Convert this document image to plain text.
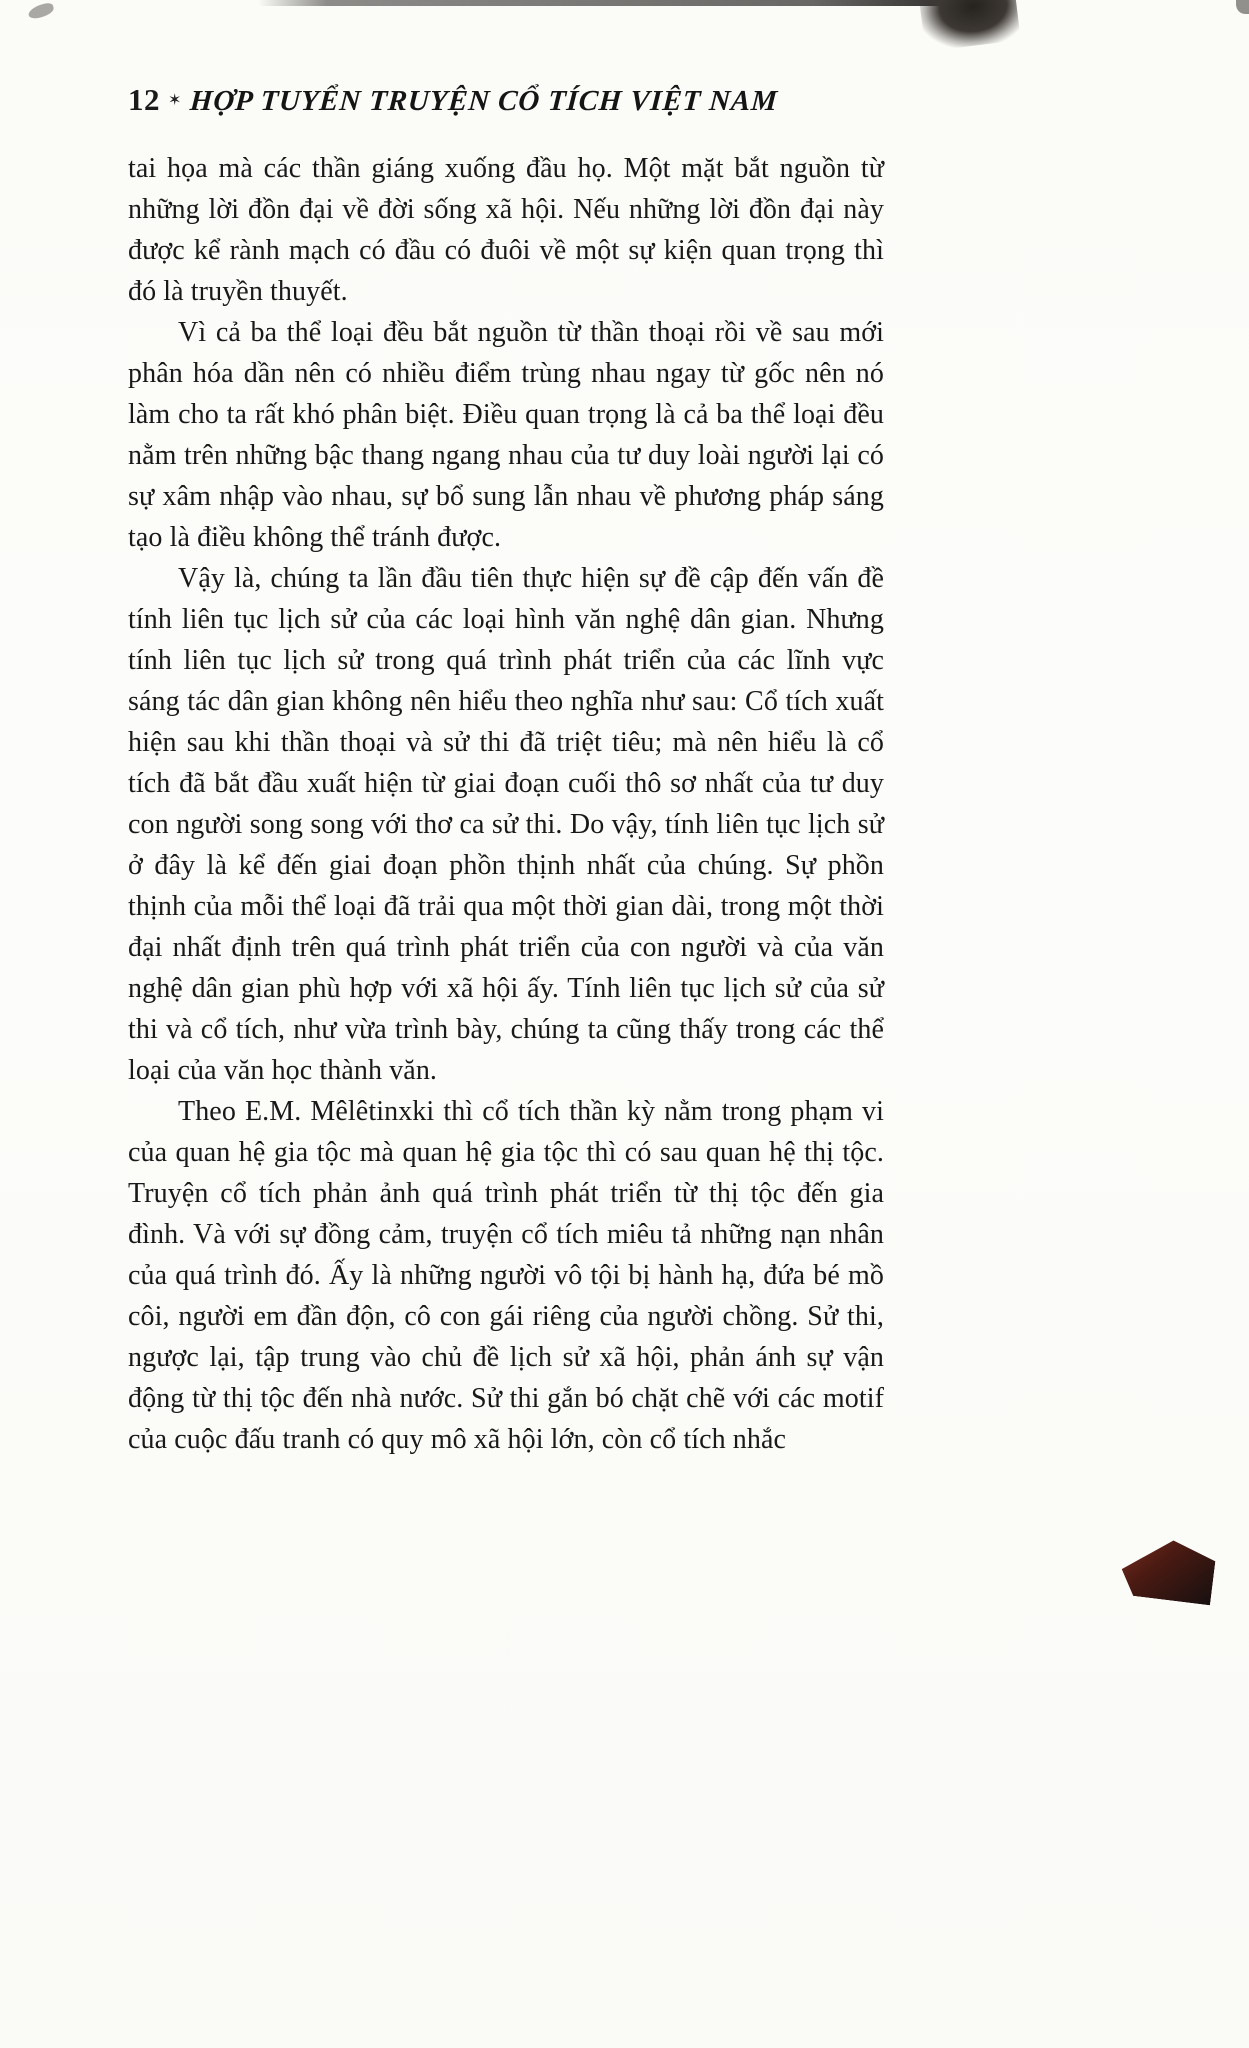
12 ✶ HỢP TUYỂN TRUYỆN CỔ TÍCH VIỆT NAM

tai họa mà các thần giáng xuống đầu họ. Một mặt bắt nguồn từ những lời đồn đại về đời sống xã hội. Nếu những lời đồn đại này được kể rành mạch có đầu có đuôi về một sự kiện quan trọng thì đó là truyền thuyết.

Vì cả ba thể loại đều bắt nguồn từ thần thoại rồi về sau mới phân hóa dần nên có nhiều điểm trùng nhau ngay từ gốc nên nó làm cho ta rất khó phân biệt. Điều quan trọng là cả ba thể loại đều nằm trên những bậc thang ngang nhau của tư duy loài người lại có sự xâm nhập vào nhau, sự bổ sung lẫn nhau về phương pháp sáng tạo là điều không thể tránh được.

Vậy là, chúng ta lần đầu tiên thực hiện sự đề cập đến vấn đề tính liên tục lịch sử của các loại hình văn nghệ dân gian. Nhưng tính liên tục lịch sử trong quá trình phát triển của các lĩnh vực sáng tác dân gian không nên hiểu theo nghĩa như sau: Cổ tích xuất hiện sau khi thần thoại và sử thi đã triệt tiêu; mà nên hiểu là cổ tích đã bắt đầu xuất hiện từ giai đoạn cuối thô sơ nhất của tư duy con người song song với thơ ca sử thi. Do vậy, tính liên tục lịch sử ở đây là kể đến giai đoạn phồn thịnh nhất của chúng. Sự phồn thịnh của mỗi thể loại đã trải qua một thời gian dài, trong một thời đại nhất định trên quá trình phát triển của con người và của văn nghệ dân gian phù hợp với xã hội ấy. Tính liên tục lịch sử của sử thi và cổ tích, như vừa trình bày, chúng ta cũng thấy trong các thể loại của văn học thành văn.

Theo E.M. Mêlêtinxki thì cổ tích thần kỳ nằm trong phạm vi của quan hệ gia tộc mà quan hệ gia tộc thì có sau quan hệ thị tộc. Truyện cổ tích phản ảnh quá trình phát triển từ thị tộc đến gia đình. Và với sự đồng cảm, truyện cổ tích miêu tả những nạn nhân của quá trình đó. Ấy là những người vô tội bị hành hạ, đứa bé mồ côi, người em đần độn, cô con gái riêng của người chồng. Sử thi, ngược lại, tập trung vào chủ đề lịch sử xã hội, phản ánh sự vận động từ thị tộc đến nhà nước. Sử thi gắn bó chặt chẽ với các motif của cuộc đấu tranh có quy mô xã hội lớn, còn cổ tích nhắc
